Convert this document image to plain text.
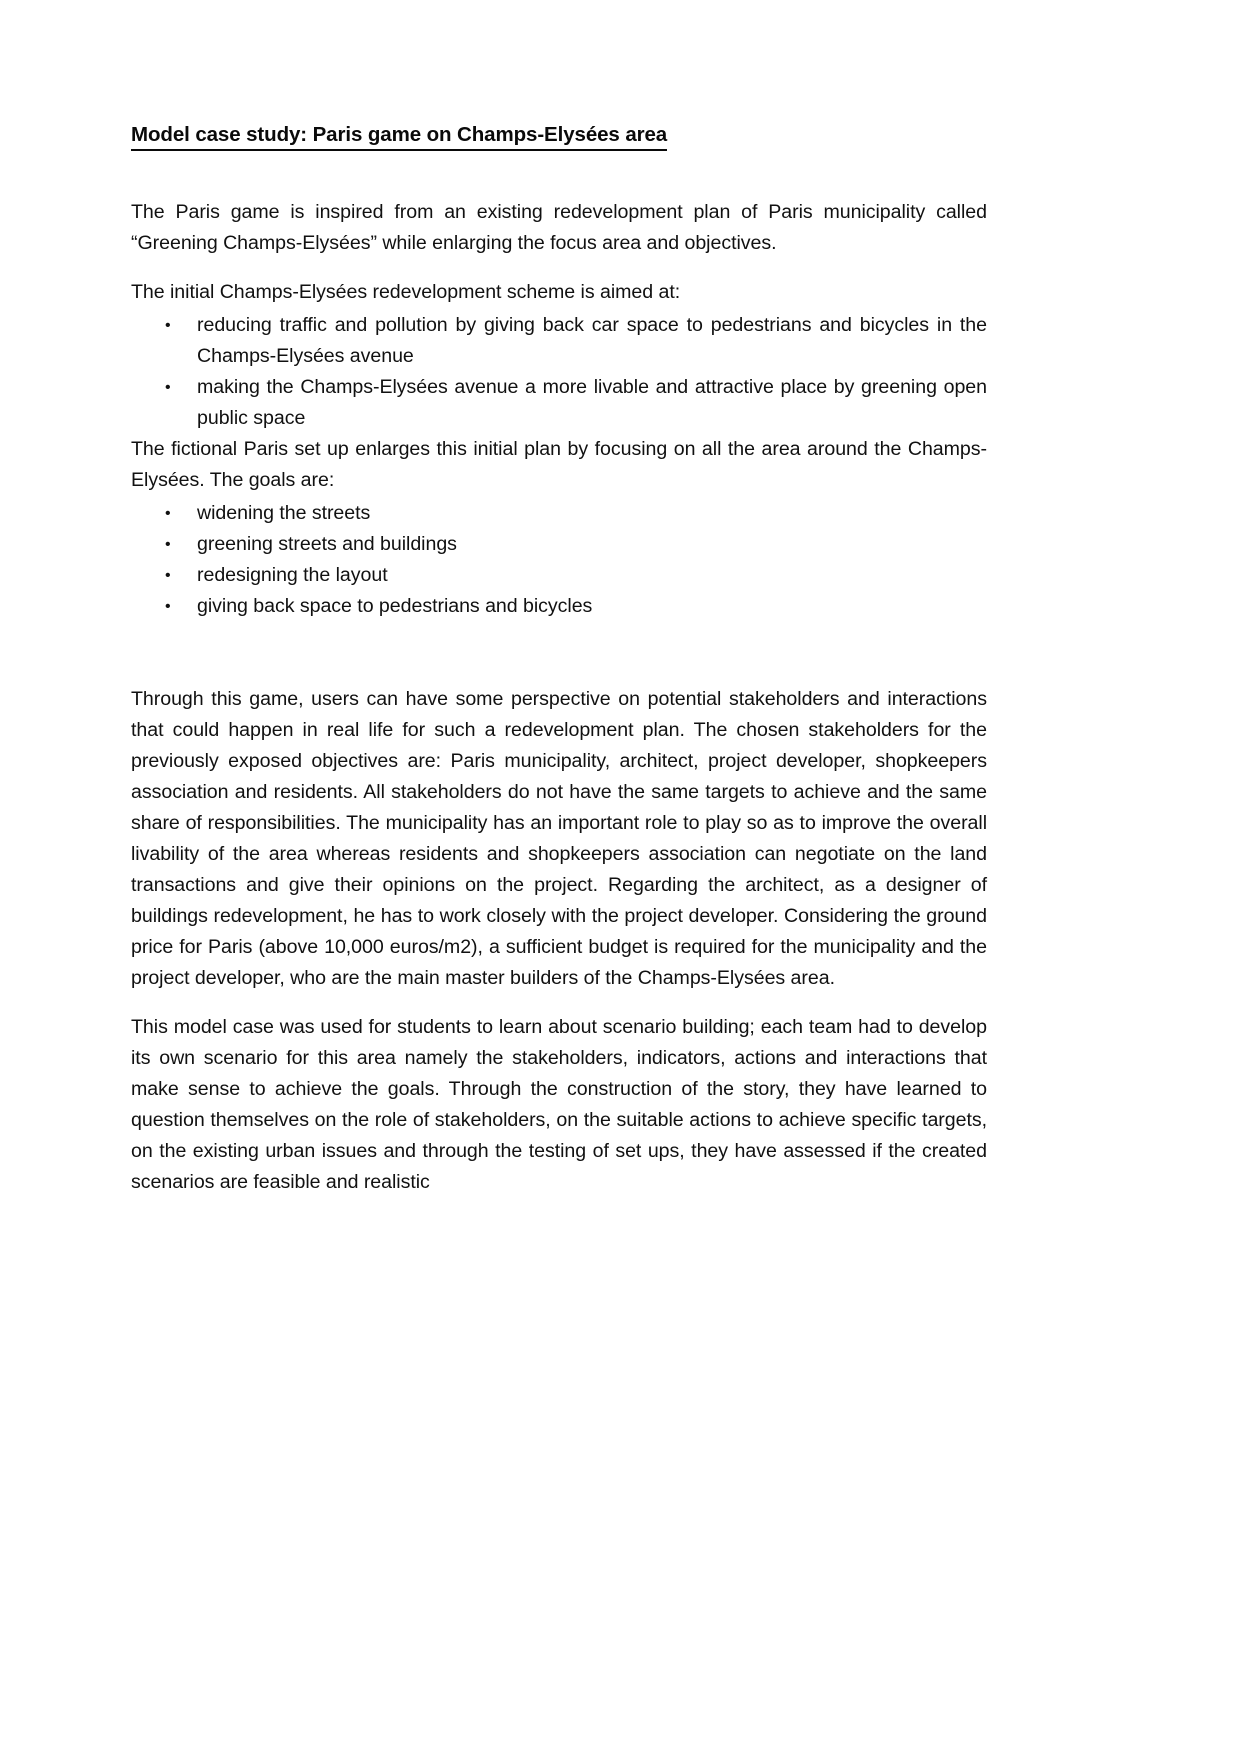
Model case study: Paris game on Champs-Elysées area

The Paris game is inspired from an existing redevelopment plan of Paris municipality called “Greening Champs-Elysées” while enlarging the focus area and objectives.

The initial Champs-Elysées redevelopment scheme is aimed at:

• reducing traffic and pollution by giving back car space to pedestrians and bicycles in the Champs-Elysées avenue
• making the Champs-Elysées avenue a more livable and attractive place by greening open public space

The fictional Paris set up enlarges this initial plan by focusing on all the area around the Champs-Elysées. The goals are:

• widening the streets
• greening streets and buildings
• redesigning the layout
• giving back space to pedestrians and bicycles

Through this game, users can have some perspective on potential stakeholders and interactions that could happen in real life for such a redevelopment plan. The chosen stakeholders for the previously exposed objectives are: Paris municipality, architect, project developer, shopkeepers association and residents. All stakeholders do not have the same targets to achieve and the same share of responsibilities. The municipality has an important role to play so as to improve the overall livability of the area whereas residents and shopkeepers association can negotiate on the land transactions and give their opinions on the project. Regarding the architect, as a designer of buildings redevelopment, he has to work closely with the project developer. Considering the ground price for Paris (above 10,000 euros/m2), a sufficient budget is required for the municipality and the project developer, who are the main master builders of the Champs-Elysées area.

This model case was used for students to learn about scenario building; each team had to develop its own scenario for this area namely the stakeholders, indicators, actions and interactions that make sense to achieve the goals. Through the construction of the story, they have learned to question themselves on the role of stakeholders, on the suitable actions to achieve specific targets, on the existing urban issues and through the testing of set ups, they have assessed if the created scenarios are feasible and realistic
